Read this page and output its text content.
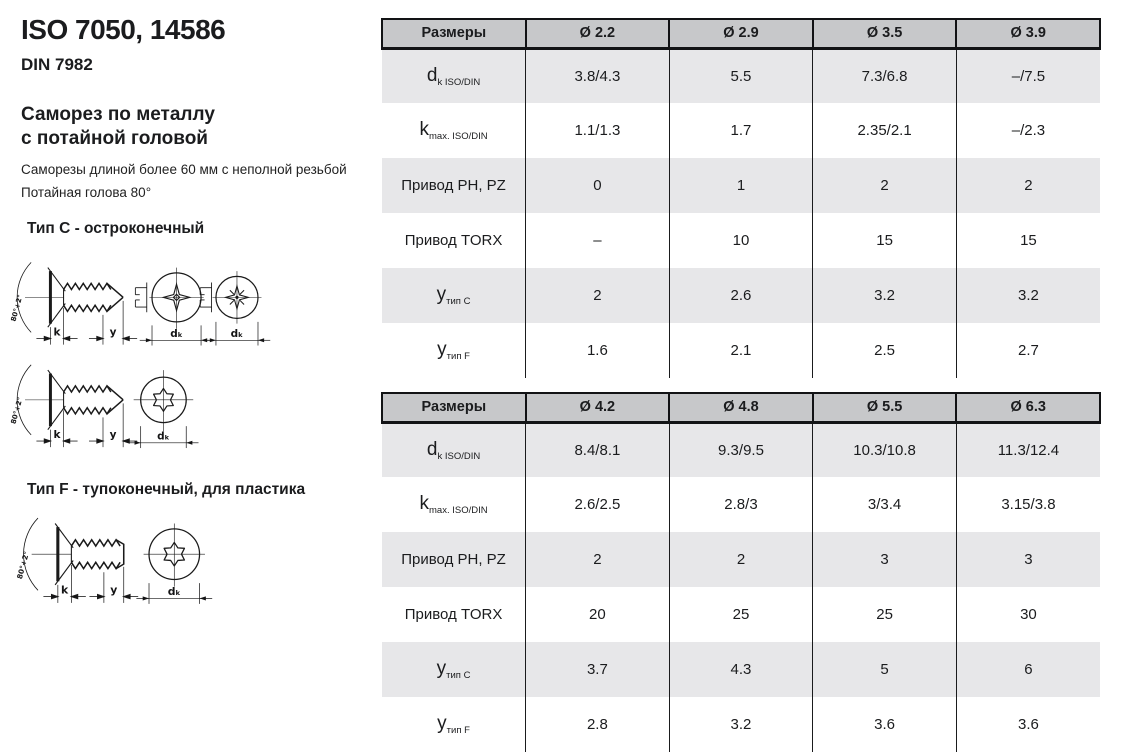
ISO 7050, 14586
DIN 7982
Саморез по металлу
с потайной головой
Саморезы длиной более 60 мм с неполной резьбой
Потайная голова 80°
Тип C - остроконечный
dₖ	dₖ
dₖ
Тип F - тупоконечный, для пластика
dₖ
Размеры	Ø 2.2	Ø 2.9	Ø 3.5	Ø 3.9
$d_{k ISO/DIN}$	3.8/4.3	5.5	7.3/6.8	–/7.5
$k_{max. ISO/DIN}$	1.1/1.3	1.7	2.35/2.1	–/2.3
Привод PH, PZ	0	1	2	2
Привод TORX	–	10	15	15
$y_{тип C}$	2	2.6	3.2	3.2
$y_{тип F}$	1.6	2.1	2.5	2.7
Размеры	Ø 4.2	Ø 4.8	Ø 5.5	Ø 6.3
$d_{k ISO/DIN}$	8.4/8.1	9.3/9.5	10.3/10.8	11.3/12.4
$k_{max. ISO/DIN}$	2.6/2.5	2.8/3	3/3.4	3.15/3.8
Привод PH, PZ	2	2	3	3
Привод TORX	20	25	25	30
$y_{тип C}$	3.7	4.3	5	6
$y_{тип F}$	2.8	3.2	3.6	3.6
